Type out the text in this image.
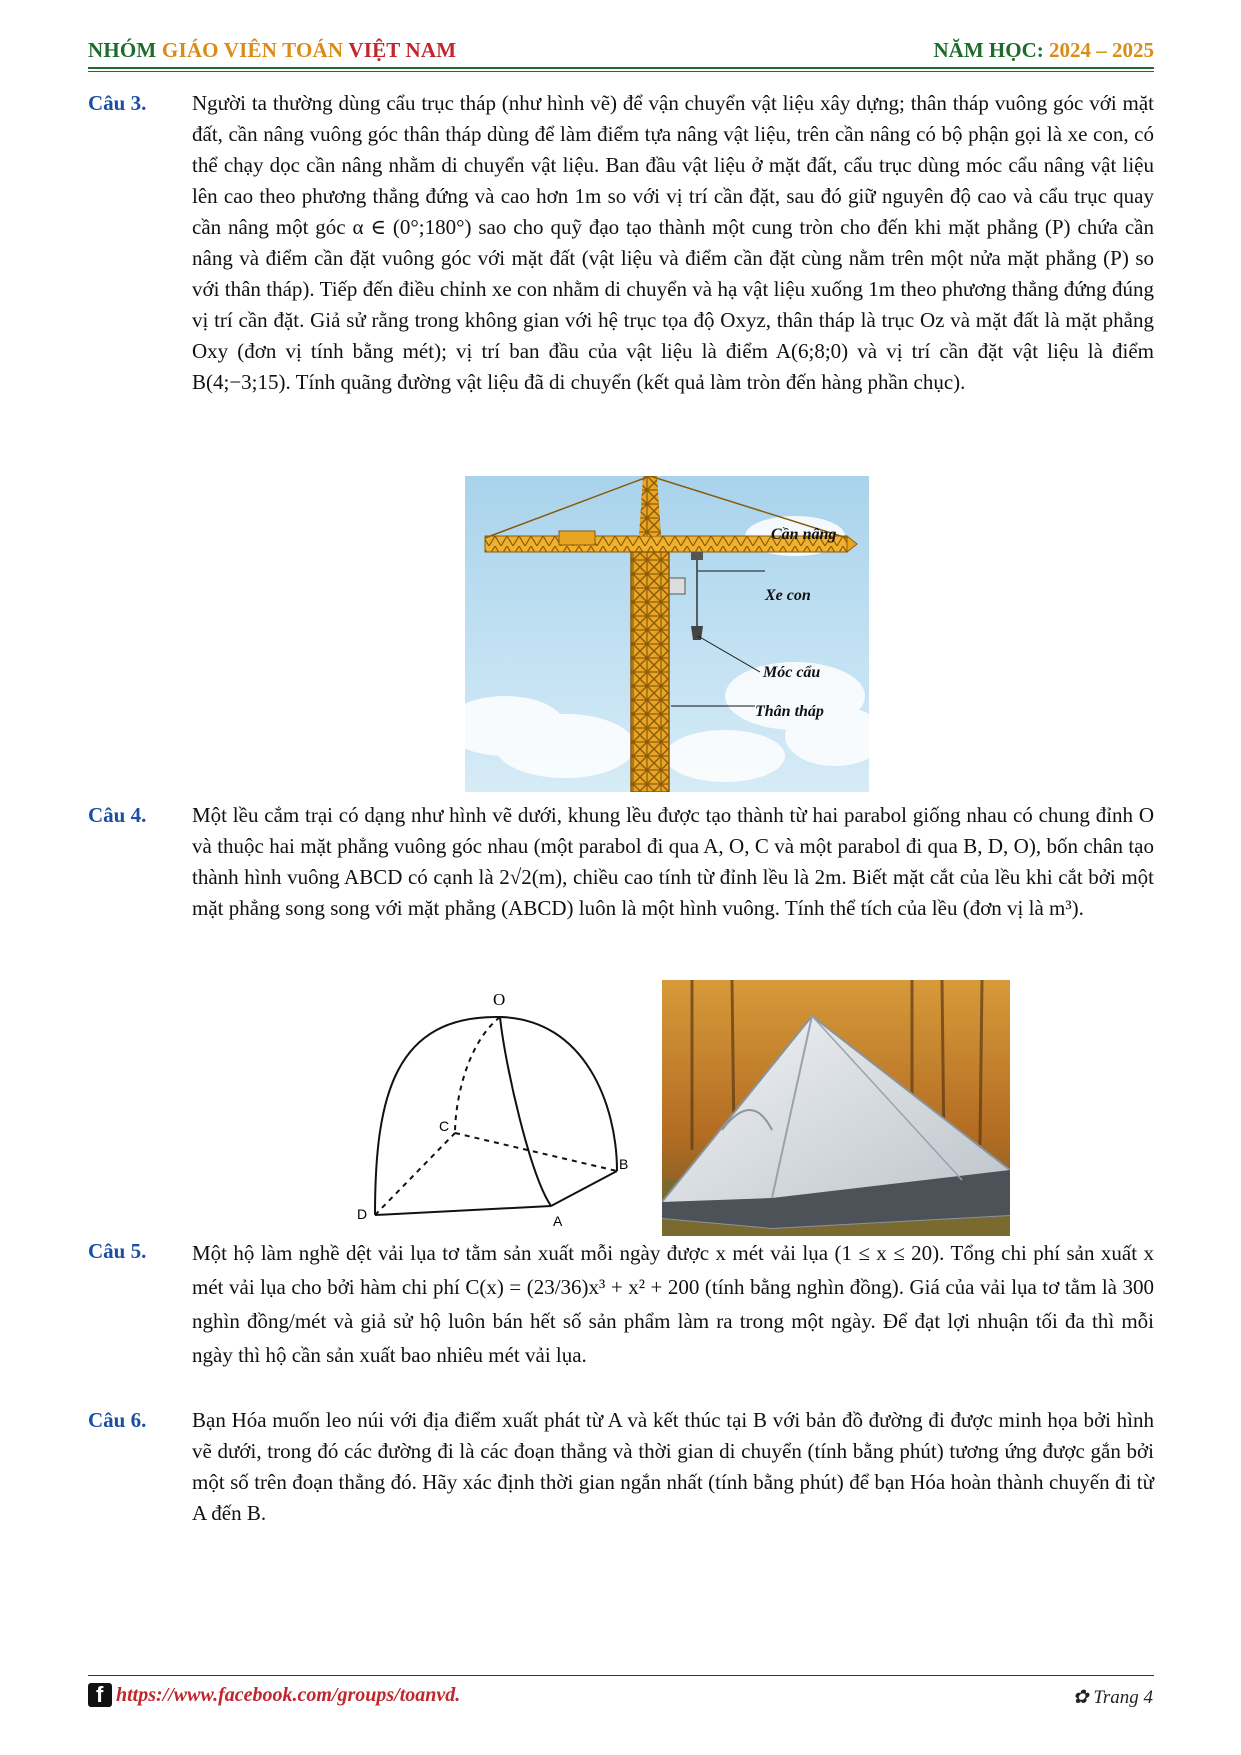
NHÓM GIÁO VIÊN TOÁN VIỆT NAM	NĂM HỌC: 2024 – 2025
Câu 3.	Người ta thường dùng cẩu trục tháp (như hình vẽ) để vận chuyển vật liệu xây dựng; thân tháp vuông góc với mặt đất, cần nâng vuông góc thân tháp dùng để làm điểm tựa nâng vật liệu, trên cần nâng có bộ phận gọi là xe con, có thể chạy dọc cần nâng nhằm di chuyển vật liệu. Ban đầu vật liệu ở mặt đất, cẩu trục dùng móc cẩu nâng vật liệu lên cao theo phương thẳng đứng và cao hơn 1m so với vị trí cần đặt, sau đó giữ nguyên độ cao và cẩu trục quay cần nâng một góc α ∈ (0°;180°) sao cho quỹ đạo tạo thành một cung tròn cho đến khi mặt phẳng (P) chứa cần nâng và điểm cần đặt vuông góc với mặt đất (vật liệu và điểm cần đặt cùng nằm trên một nửa mặt phẳng (P) so với thân tháp). Tiếp đến điều chỉnh xe con nhằm di chuyển và hạ vật liệu xuống 1m theo phương thẳng đứng đúng vị trí cần đặt. Giả sử rằng trong không gian với hệ trục tọa độ Oxyz, thân tháp là trục Oz và mặt đất là mặt phẳng Oxy (đơn vị tính bằng mét); vị trí ban đầu của vật liệu là điểm A(6;8;0) và vị trí cần đặt vật liệu là điểm B(4;−3;15). Tính quãng đường vật liệu đã di chuyển (kết quả làm tròn đến hàng phần chục).
Cần nâng
Xe con
Móc cẩu
Thân tháp
Câu 4.	Một lều cắm trại có dạng như hình vẽ dưới, khung lều được tạo thành từ hai parabol giống nhau có chung đỉnh O và thuộc hai mặt phẳng vuông góc nhau (một parabol đi qua A, O, C và một parabol đi qua B, D, O), bốn chân tạo thành hình vuông ABCD có cạnh là 2√2(m), chiều cao tính từ đỉnh lều là 2m. Biết mặt cắt của lều khi cắt bởi một mặt phẳng song song với mặt phẳng (ABCD) luôn là một hình vuông. Tính thể tích của lều (đơn vị là m³).
O
A
B
C
D
Câu 5.	Một hộ làm nghề dệt vải lụa tơ tằm sản xuất mỗi ngày được x mét vải lụa (1 ≤ x ≤ 20). Tổng chi phí sản xuất x mét vải lụa cho bởi hàm chi phí C(x) = (23/36)x³ + x² + 200 (tính bằng nghìn đồng). Giá của vải lụa tơ tằm là 300 nghìn đồng/mét và giả sử hộ luôn bán hết số sản phẩm làm ra trong một ngày. Để đạt lợi nhuận tối đa thì mỗi ngày thì hộ cần sản xuất bao nhiêu mét vải lụa.
Câu 6.	Bạn Hóa muốn leo núi với địa điểm xuất phát từ A và kết thúc tại B với bản đồ đường đi được minh họa bởi hình vẽ dưới, trong đó các đường đi là các đoạn thẳng và thời gian di chuyển (tính bằng phút) tương ứng được gắn bởi một số trên đoạn thẳng đó. Hãy xác định thời gian ngắn nhất (tính bằng phút) để bạn Hóa hoàn thành chuyến đi từ A đến B.
f https://www.facebook.com/groups/toanvd.	✿ Trang 4
